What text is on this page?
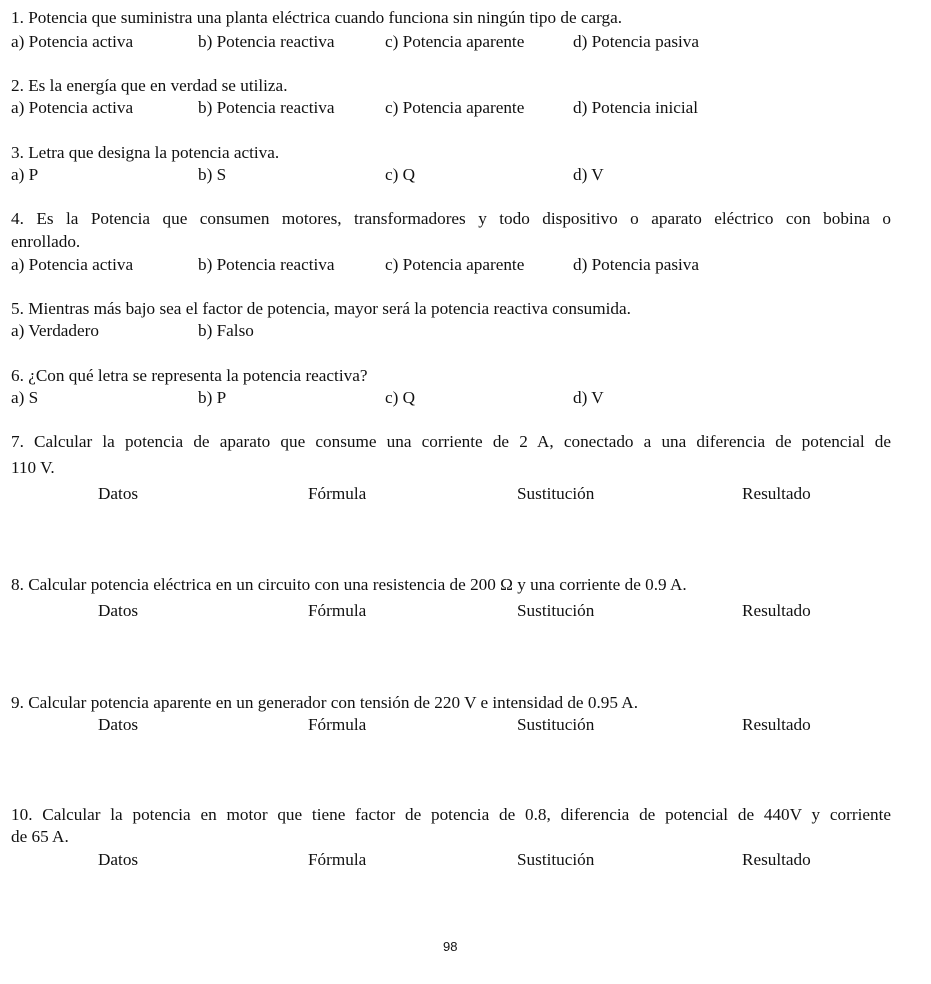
1. Potencia que suministra una planta eléctrica cuando funciona sin ningún tipo de carga.
a) Potencia activa	b) Potencia reactiva	c) Potencia aparente	d) Potencia pasiva
2. Es la energía que en verdad se utiliza.
a) Potencia activa	b) Potencia reactiva	c) Potencia aparente	d) Potencia inicial
3. Letra que designa la potencia activa.
a) P	b) S	c) Q	d) V
4. Es la Potencia que consumen motores, transformadores y todo dispositivo o aparato eléctrico con bobina o
enrollado.
a) Potencia activa	b) Potencia reactiva	c) Potencia aparente	d) Potencia pasiva
5. Mientras más bajo sea el factor de potencia, mayor será la potencia reactiva consumida.
a) Verdadero	b) Falso
6. ¿Con qué letra se representa la potencia reactiva?
a) S	b) P	c) Q	d) V
7. Calcular la potencia de aparato que consume una corriente de 2 A, conectado a una diferencia de potencial de
110 V.
Datos	Fórmula	Sustitución	Resultado
8. Calcular potencia eléctrica en un circuito con una resistencia de 200 Ω y una corriente de 0.9 A.
Datos	Fórmula	Sustitución	Resultado
9. Calcular potencia aparente en un generador con tensión de 220 V e intensidad de 0.95 A.
Datos	Fórmula	Sustitución	Resultado
10. Calcular la potencia en motor que tiene factor de potencia de 0.8, diferencia de potencial de 440V y corriente
de 65 A.
Datos	Fórmula	Sustitución	Resultado
98
